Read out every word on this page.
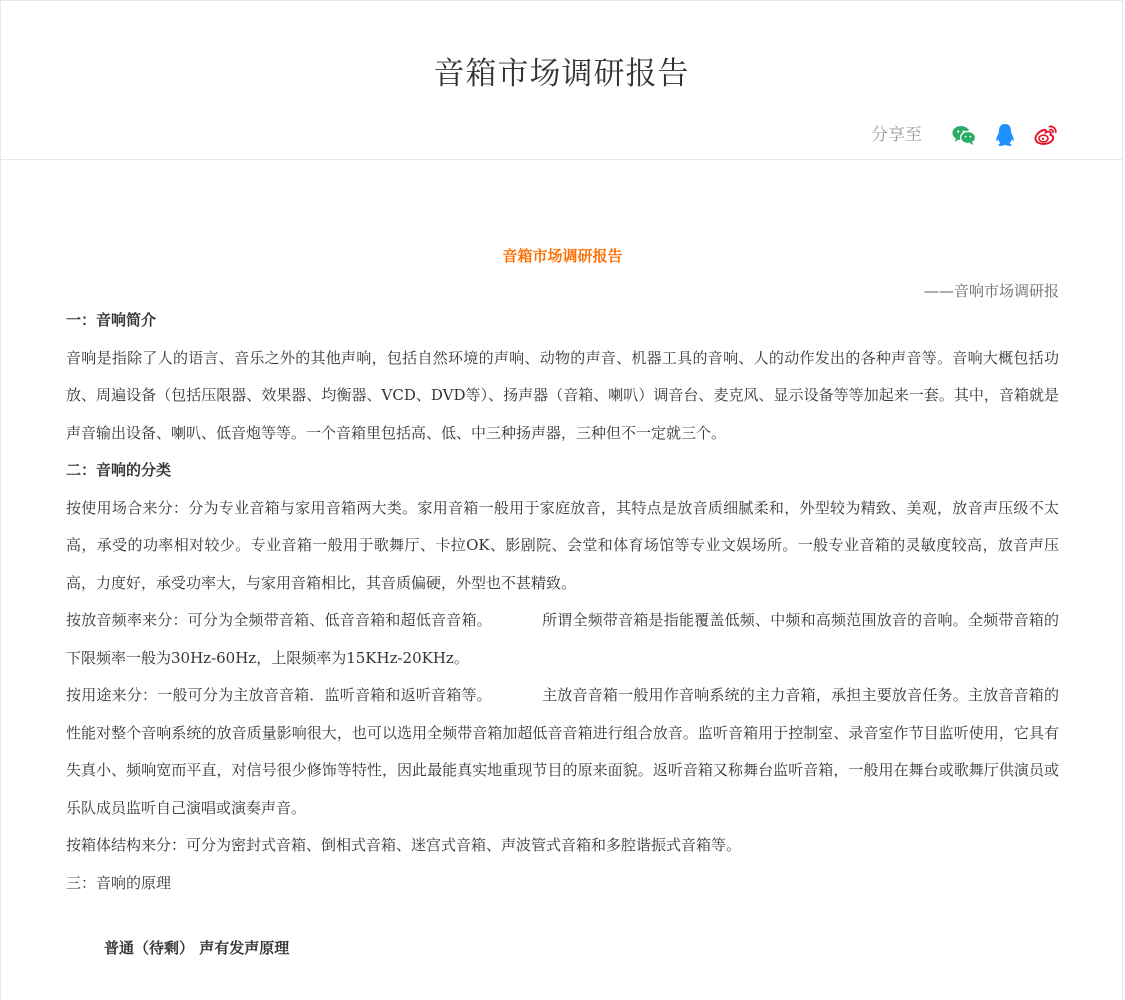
音箱市场调研报告
分享至
音箱市场调研报告
——音响市场调研报

一：音响简介

音响是指除了人的语言、音乐之外的其他声响，包括自然环境的声响、动物的声音、机器工具的音响、人的动作发出的各种声音等。音响大概包括功放、周遍设备（包括压限器、效果器、均衡器、VCD、DVD等）、扬声器（音箱、喇叭）调音台、麦克风、显示设备等等加起来一套。其中，音箱就是声音输出设备、喇叭、低音炮等等。一个音箱里包括高、低、中三种扬声器，三种但不一定就三个。

二：音响的分类

按使用场合来分：分为专业音箱与家用音箱两大类。家用音箱一般用于家庭放音，其特点是放音质细腻柔和，外型较为精致、美观，放音声压级不太高，承受的功率相对较少。专业音箱一般用于歌舞厅、卡拉OK、影剧院、会堂和体育场馆等专业文娱场所。一般专业音箱的灵敏度较高，放音声压高，力度好，承受功率大，与家用音箱相比，其音质偏硬，外型也不甚精致。

按放音频率来分：可分为全频带音箱、低音音箱和超低音音箱。	所谓全频带音箱是指能覆盖低频、中频和高频范围放音的音响。全频带音箱的下限频率一般为30Hz-60Hz，上限频率为15KHz-20KHz。

按用途来分：一般可分为主放音音箱．监听音箱和返听音箱等。	主放音音箱一般用作音响系统的主力音箱，承担主要放音任务。主放音音箱的性能对整个音响系统的放音质量影响很大，也可以选用全频带音箱加超低音音箱进行组合放音。监听音箱用于控制室、录音室作节目监听使用，它具有失真小、频响宽而平直，对信号很少修饰等特性，因此最能真实地重现节目的原来面貌。返听音箱又称舞台监听音箱，一般用在舞台或歌舞厅供演员或乐队成员监听自己演唱或演奏声音。

按箱体结构来分：可分为密封式音箱、倒相式音箱、迷宫式音箱、声波管式音箱和多腔谐振式音箱等。

三：音响的原理

普通（待剩） 声有发声原理
